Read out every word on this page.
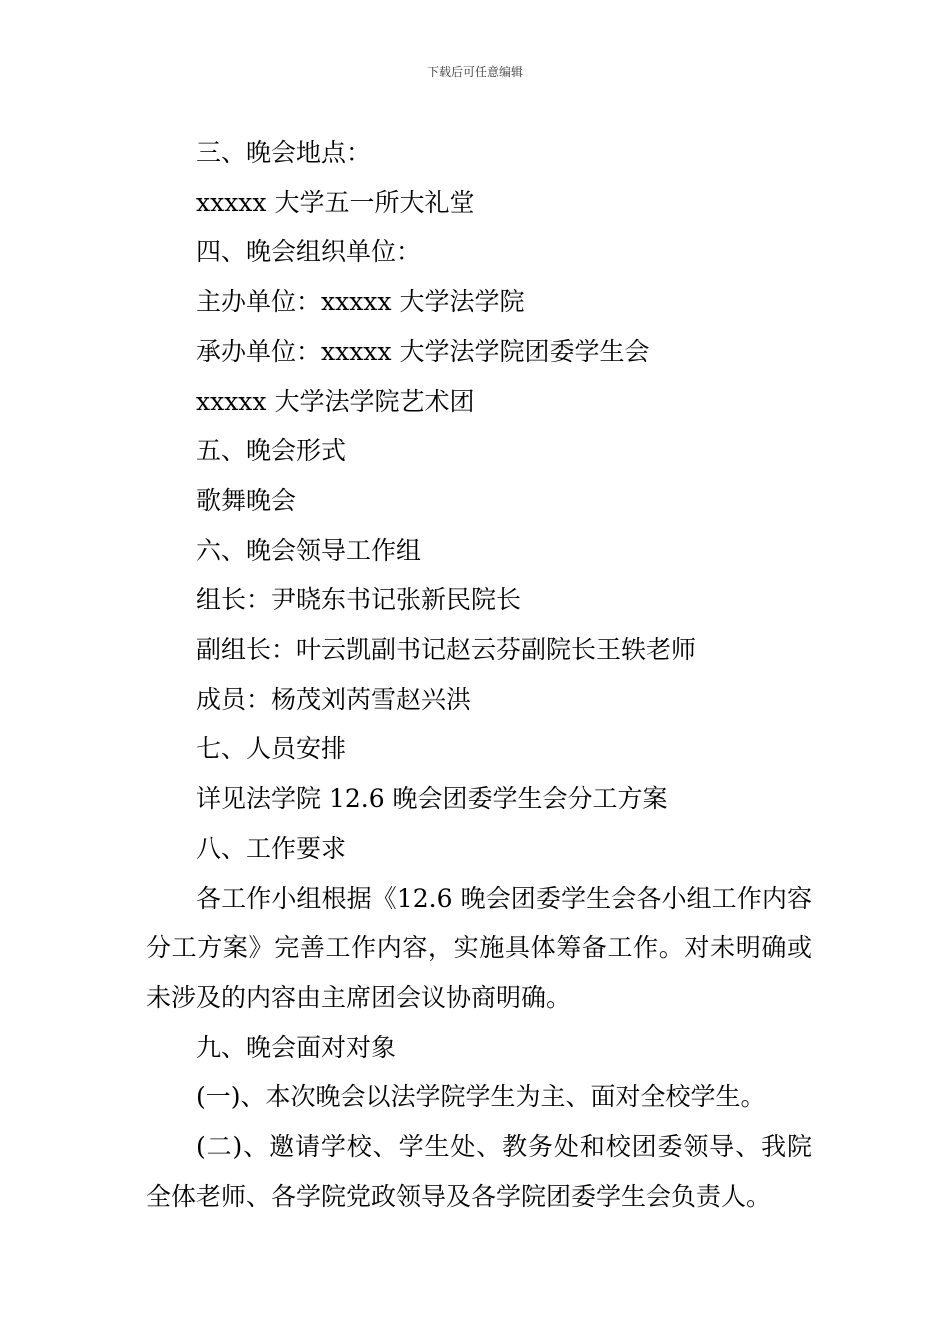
下载后可任意编辑

三、晚会地点：

xxxxx 大学五一所大礼堂

四、晚会组织单位：

主办单位：xxxxx 大学法学院

承办单位：xxxxx 大学法学院团委学生会

xxxxx 大学法学院艺术团

五、晚会形式

歌舞晚会

六、晚会领导工作组

组长：尹晓东书记张新民院长

副组长：叶云凯副书记赵云芬副院长王轶老师

成员：杨茂刘芮雪赵兴洪

七、人员安排

详见法学院 12.6 晚会团委学生会分工方案

八、工作要求

各工作小组根据《12.6 晚会团委学生会各小组工作内容分工方案》完善工作内容，实施具体筹备工作。对未明确或未涉及的内容由主席团会议协商明确。

九、晚会面对对象

(一)、本次晚会以法学院学生为主、面对全校学生。

(二)、邀请学校、学生处、教务处和校团委领导、我院全体老师、各学院党政领导及各学院团委学生会负责人。
